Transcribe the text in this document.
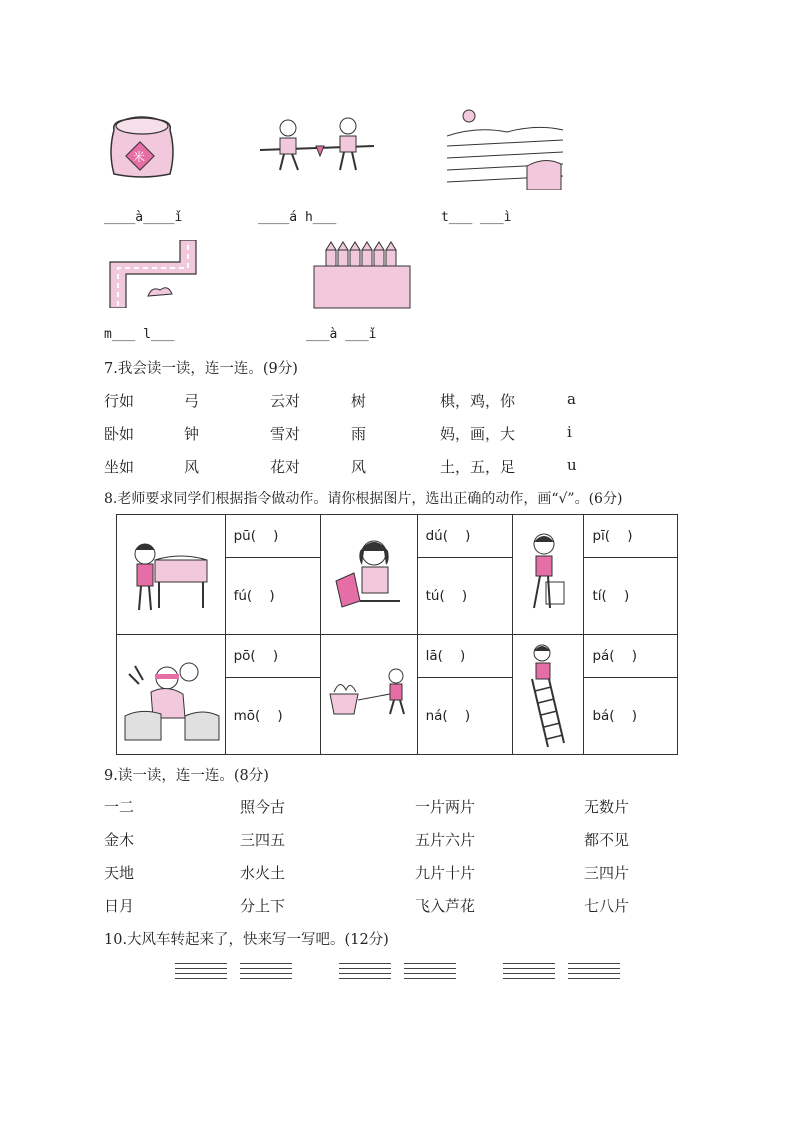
米
____à____ǐ	____á h___	t___ ___ì
m___ l___	___à ___ǐ
7.我会读一读，连一连。(9分)
行如	弓	云对	树	棋，鸡，你	a
卧如	钟	雪对	雨	妈，画，大	i
坐如	风	花对	风	土，五，足	u
8.老师要求同学们根据指令做动作。请你根据图片，选出正确的动作，画“√”。(6分)
	pū(    )		dú(    )		pī(    )
	fú(    )		tú(    )		tí(    )

	pō(    )		lā(    )		pá(    )
	mō(    )		ná(    )		bá(    )
9.读一读，连一连。(8分)
一二	照今古	一片两片	无数片
金木	三四五	五片六片	都不见
天地	水火土	九片十片	三四片
日月	分上下	飞入芦花	七八片
10.大风车转起来了，快来写一写吧。(12分)
